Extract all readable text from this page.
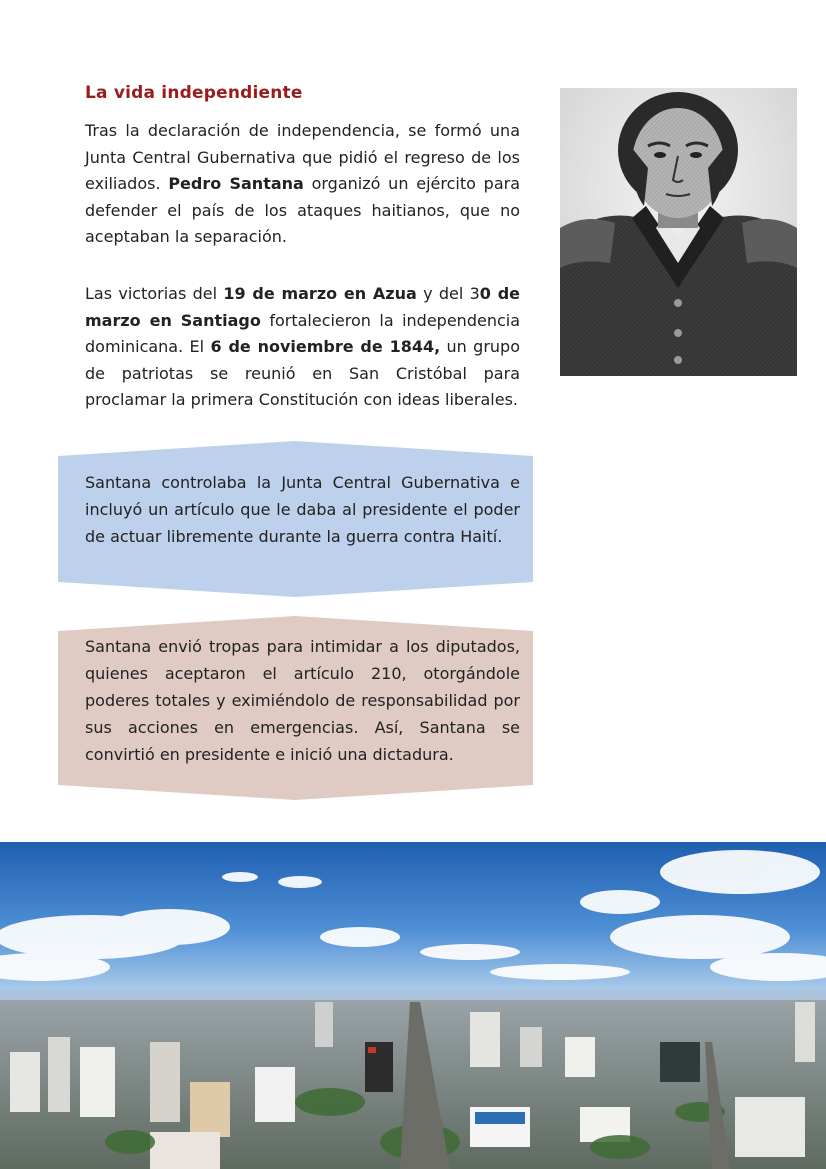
La vida independiente
Tras la declaración de independencia, se formó una Junta Central Gubernativa que pidió el regreso de los exiliados. Pedro Santana organizó un ejército para defender el país de los ataques haitianos, que no aceptaban la separación.
Las victorias del 19 de marzo en Azua y del 30 de marzo en Santiago fortalecieron la independencia dominicana. El 6 de noviembre de 1844, un grupo de patriotas se reunió en San Cristóbal para proclamar la primera Constitución con ideas liberales.
Santana controlaba la Junta Central Gubernativa e incluyó un artículo que le daba al presidente el poder de actuar libremente durante la guerra contra Haití.
Santana envió tropas para intimidar a los diputados, quienes aceptaron el artículo 210, otorgándole poderes totales y eximiéndolo de responsabilidad por sus acciones en emergencias. Así, Santana se convirtió en presidente e inició una dictadura.
